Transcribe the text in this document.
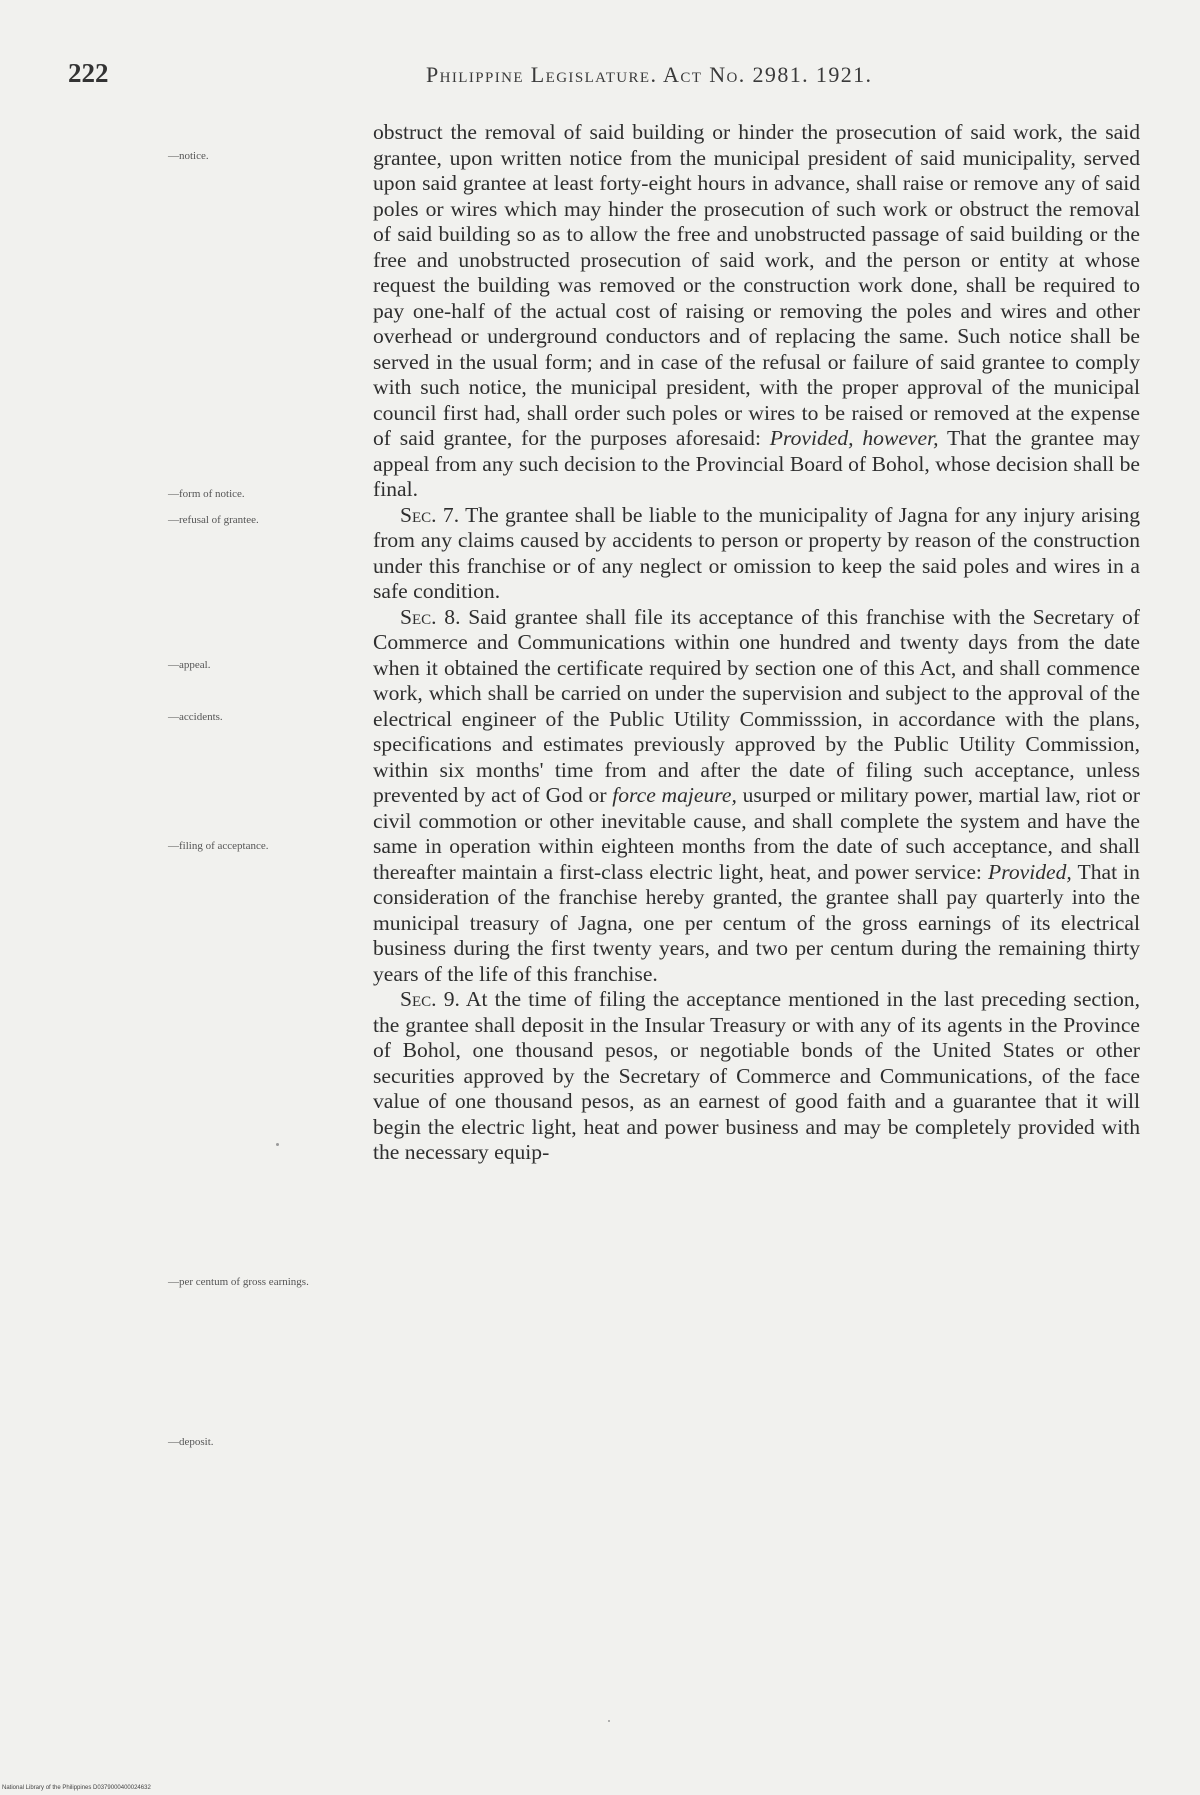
222	Philippine Legislature. Act No. 2981. 1921.
—notice.
—form of notice.
—refusal of grantee.
—appeal.
—accidents.
—filing of acceptance.
—per centum of gross earnings.
—deposit.

obstruct the removal of said building or hinder the prosecution of said work, the said grantee, upon written notice from the municipal president of said municipality, served upon said grantee at least forty-eight hours in advance, shall raise or remove any of said poles or wires which may hinder the prosecution of such work or obstruct the removal of said building so as to allow the free and unobstructed passage of said building or the free and unobstructed prosecution of said work, and the person or entity at whose request the building was removed or the construction work done, shall be required to pay one-half of the actual cost of raising or removing the poles and wires and other overhead or underground conductors and of replacing the same. Such notice shall be served in the usual form; and in case of the refusal or failure of said grantee to comply with such notice, the municipal president, with the proper approval of the municipal council first had, shall order such poles or wires to be raised or removed at the expense of said grantee, for the purposes aforesaid: Provided, however, That the grantee may appeal from any such decision to the Provincial Board of Bohol, whose decision shall be final.

Sec. 7. The grantee shall be liable to the municipality of Jagna for any injury arising from any claims caused by accidents to person or property by reason of the construction under this franchise or of any neglect or omission to keep the said poles and wires in a safe condition.

Sec. 8. Said grantee shall file its acceptance of this franchise with the Secretary of Commerce and Communications within one hundred and twenty days from the date when it obtained the certificate required by section one of this Act, and shall commence work, which shall be carried on under the supervision and subject to the approval of the electrical engineer of the Public Utility Commisssion, in accordance with the plans, specifications and estimates previously approved by the Public Utility Commission, within six months' time from and after the date of filing such acceptance, unless prevented by act of God or force majeure, usurped or military power, martial law, riot or civil commotion or other inevitable cause, and shall complete the system and have the same in operation within eighteen months from the date of such acceptance, and shall thereafter maintain a first-class electric light, heat, and power service: Provided, That in consideration of the franchise hereby granted, the grantee shall pay quarterly into the municipal treasury of Jagna, one per centum of the gross earnings of its electrical business during the first twenty years, and two per centum during the remaining thirty years of the life of this franchise.

Sec. 9. At the time of filing the acceptance mentioned in the last preceding section, the grantee shall deposit in the Insular Treasury or with any of its agents in the Province of Bohol, one thousand pesos, or negotiable bonds of the United States or other securities approved by the Secretary of Commerce and Communications, of the face value of one thousand pesos, as an earnest of good faith and a guarantee that it will begin the electric light, heat and power business and may be completely provided with the necessary equip-

National Library of the Philippines D0379000400024632
